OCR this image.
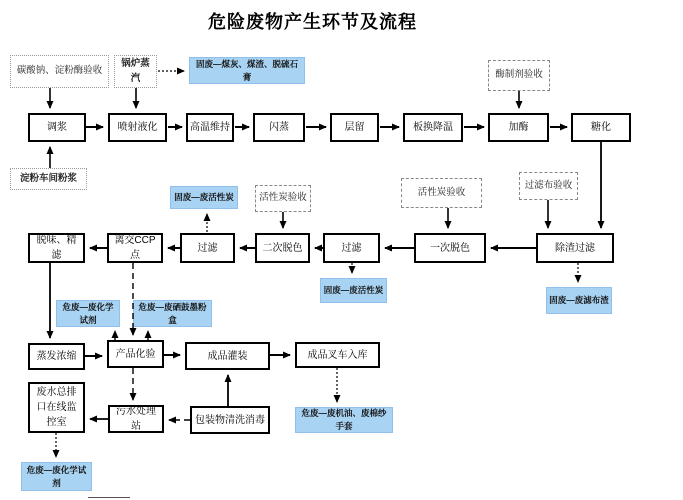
危险废物产生环节及流程
碳酸钠、淀粉酶验收
锅炉蒸汽
固废—煤灰、煤渣、脱硫石膏	酶制剂验收
调浆	喷射液化	高温维持	闪蒸	层留	板换降温	加酶	糖化
淀粉车间粉浆
固废—废活性炭	活性炭验收	活性炭验收
过滤布验收
脱味、精滤
离交CCP点
过滤	二次脱色	过滤	一次脱色	除渣过滤
固废—废活性炭
固废—废滤布渣
危废—废化学试剂
危废—废硒鼓墨粉盒
蒸发浓缩	产品化验	成品灌装	成品叉车入库
废水总排口在线监控室
污水处理站
包装物清洗消毒
危废—废机油、废棉纱手套
危废—废化学试剂
